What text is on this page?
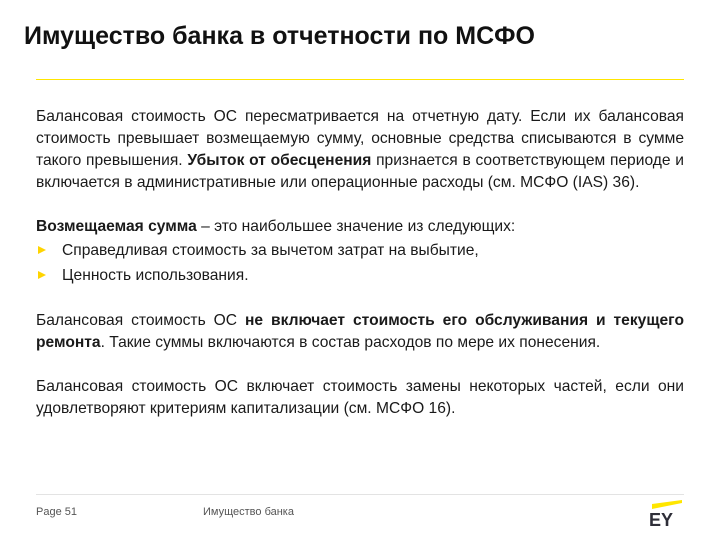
Имущество банка в отчетности по МСФО

Балансовая стоимость ОС пересматривается на отчетную дату. Если их балансовая стоимость превышает возмещаемую сумму, основные средства списываются в сумме такого превышения. Убыток от обесценения признается в соответствующем периоде и включается в административные или операционные расходы (см. МСФО (IAS) 36).

Возмещаемая сумма – это наибольшее значение из следующих:

Справедливая стоимость за вычетом затрат на выбытие,
Ценность использования.

Балансовая стоимость ОС не включает стоимость его обслуживания и текущего ремонта. Такие суммы включаются в состав расходов по мере их понесения.

Балансовая стоимость ОС включает стоимость замены некоторых частей, если они удовлетворяют критериям капитализации (см. МСФО 16).

Page 51	Имущество банка	EY
